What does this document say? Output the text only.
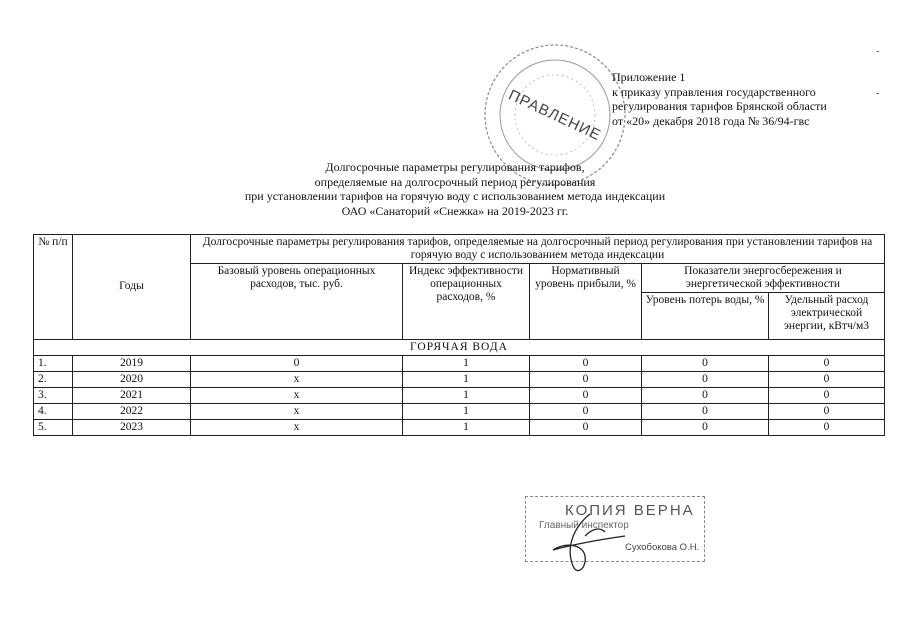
ПРАВЛЕНИЕ
Приложение 1
к приказу управления государственного
регулирования тарифов Брянской области
от «20» декабря 2018 года № 36/94-гвс
Долгосрочные параметры регулирования тарифов,
определяемые на долгосрочный период регулирования
при установлении тарифов на горячую воду с использованием метода индексации
ОАО «Санаторий «Снежка» на 2019-2023 гг.
№ п/п	Годы	Долгосрочные параметры регулирования тарифов, определяемые на долгосрочный период регулирования при установлении тарифов на горячую воду с использованием метода индексации				
		Базовый уровень операционных расходов, тыс. руб.	Индекс эффективности операционных расходов, %	Нормативный уровень прибыли, %	Показатели энергосбережения и энергетической эффективности	
					Уровень потерь воды, %	Удельный расход электрической энергии, кВтч/м3
ГОРЯЧАЯ ВОДА						
1.	2019	0	1	0	0	0
2.	2020	х	1	0	0	0
3.	2021	х	1	0	0	0
4.	2022	х	1	0	0	0
5.	2023	х	1	0	0	0
КОПИЯ ВЕРНА
Главный инспектор
Сухобокова О.Н.
-
-
